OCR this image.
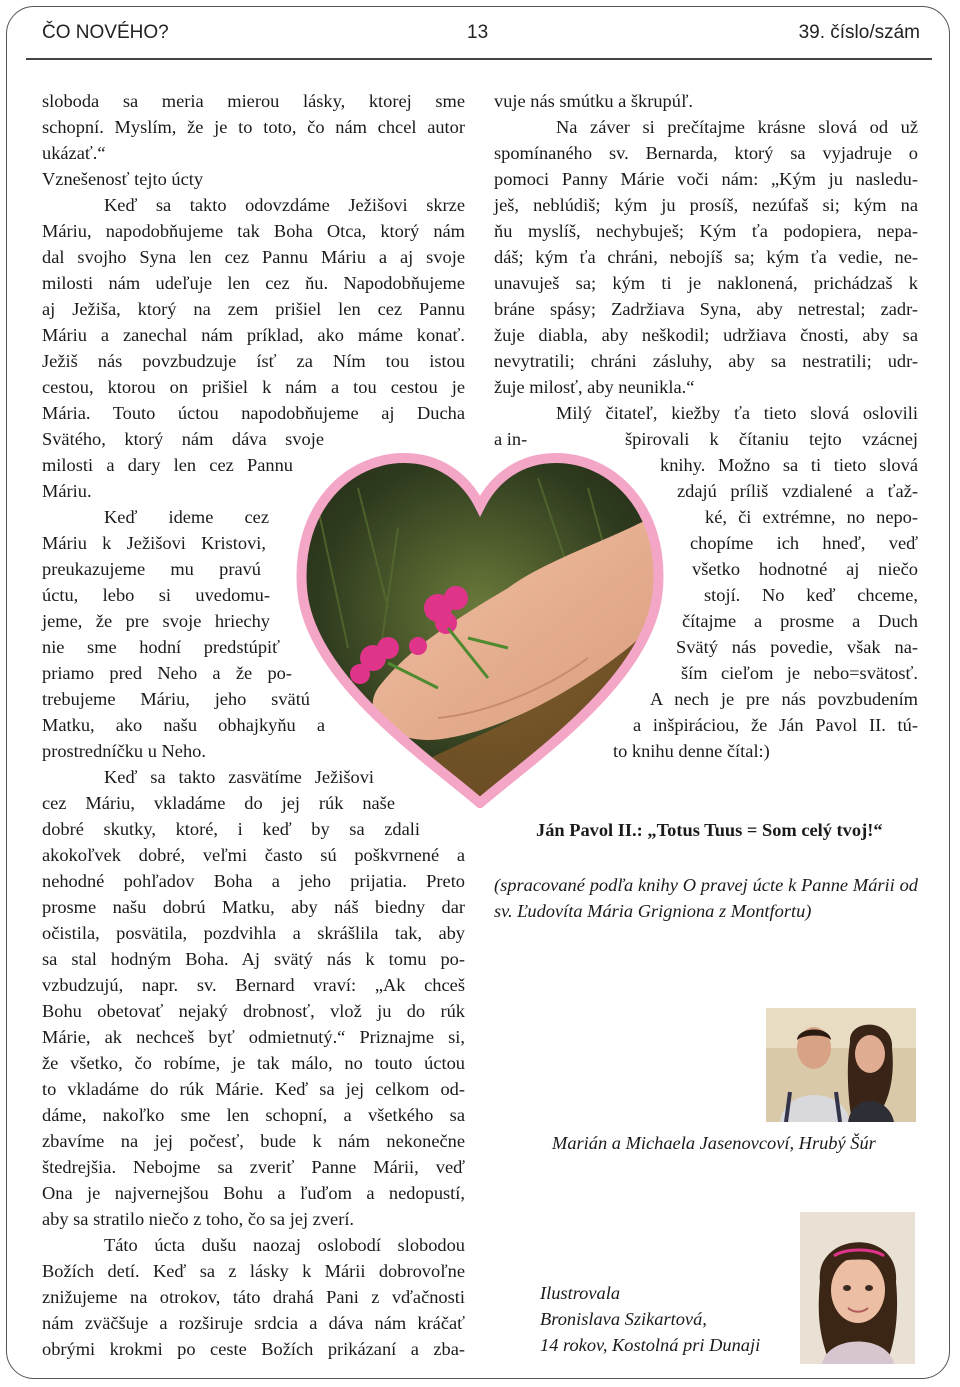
ČO NOVÉHO?	13	39. číslo/szám
sloboda sa meria mierou lásky, ktorej sme
schopní. Myslím, že je to toto, čo nám chcel autor
ukázať.“
Vznešenosť tejto úcty
Keď sa takto odovzdáme Ježišovi skrze
Máriu, napodobňujeme tak Boha Otca, ktorý nám
dal svojho Syna len cez Pannu Máriu a aj svoje
milosti nám udeľuje len cez ňu. Napodobňujeme
aj Ježiša, ktorý na zem prišiel len cez Pannu
Máriu a zanechal nám príklad, ako máme konať.
Ježiš nás povzbudzuje ísť za Ním tou istou
cestou, ktorou on prišiel k nám a tou cestou je
Mária. Touto úctou napodobňujeme aj Ducha
Svätého, ktorý nám dáva svoje
milosti a dary len cez Pannu
Máriu.
Keď ideme cez
Máriu k Ježišovi Kristovi,
preukazujeme mu pravú
úctu, lebo si uvedomu-
jeme, že pre svoje hriechy
nie sme hodní predstúpiť
priamo pred Neho a že po-
trebujeme Máriu, jeho svätú
Matku, ako našu obhajkyňu a
prostredníčku u Neho.
Keď sa takto zasvätíme Ježišovi
cez Máriu, vkladáme do jej rúk naše
dobré skutky, ktoré, i keď by sa zdali
akokoľvek dobré, veľmi často sú poškvrnené a
nehodné pohľadov Boha a jeho prijatia. Preto
prosme našu dobrú Matku, aby náš biedny dar
očistila, posvätila, pozdvihla a skrášlila tak, aby
sa stal hodným Boha. Aj svätý nás k tomu po-
vzbudzujú, napr. sv. Bernard vraví: „Ak chceš
Bohu obetovať nejaký drobnosť, vlož ju do rúk
Márie, ak nechceš byť odmietnutý.“ Priznajme si,
že všetko, čo robíme, je tak málo, no touto úctou
to vkladáme do rúk Márie. Keď sa jej celkom od-
dáme, nakoľko sme len schopní, a všetkého sa
zbavíme na jej počesť, bude k nám nekonečne
štedrejšia. Nebojme sa zveriť Panne Márii, veď
Ona je najvernejšou Bohu a ľuďom a nedopustí,
aby sa stratilo niečo z toho, čo sa jej zverí.
Táto úcta dušu naozaj oslobodí slobodou
Božích detí. Keď sa z lásky k Márii dobrovoľne
znižujeme na otrokov, táto drahá Pani z vďačnosti
nám zväčšuje a rozširuje srdcia a dáva nám kráčať
obrými krokmi po ceste Božích prikázaní a zba-
vuje nás smútku a škrupúľ.
Na záver si prečítajme krásne slová od už
spomínaného sv. Bernarda, ktorý sa vyjadruje o
pomoci Panny Márie voči nám: „Kým ju nasledu-
ješ, neblúdiš; kým ju prosíš, nezúfaš si; kým na
ňu myslíš, nechybuješ; Kým ťa podopiera, nepa-
dáš; kým ťa chráni, nebojíš sa; kým ťa vedie, ne-
unavuješ sa; kým ti je naklonená, prichádzaš k
bráne spásy; Zadržiava Syna, aby netrestal; zadr-
žuje diabla, aby neškodil; udržiava čnosti, aby sa
nevytratili; chráni zásluhy, aby sa nestratili; udr-
žuje milosť, aby neunikla.“
Milý čitateľ, kiežby ťa tieto slová oslovili
a in-	špirovali k čítaniu tejto vzácnej
knihy. Možno sa ti tieto slová
zdajú príliš vzdialené a ťaž-
ké, či extrémne, no nepo-
chopíme ich hneď, veď
všetko hodnotné aj niečo
stojí. No keď chceme,
čítajme a prosme a Duch
Svätý nás povedie, však na-
ším cieľom je nebo=svätosť.
A nech je pre nás povzbudením
a inšpiráciou, že Ján Pavol II. tú-
to knihu denne čítal:)
Ján Pavol II.: „Totus Tuus = Som celý tvoj!“
(spracované podľa knihy O pravej úcte k Panne Márii od sv. Ľudovíta Mária Grigniona z Montfortu)
Marián a Michaela Jasenovcoví, Hrubý Šúr
Ilustrovala
Bronislava Szikartová,
14 rokov, Kostolná pri Dunaji
